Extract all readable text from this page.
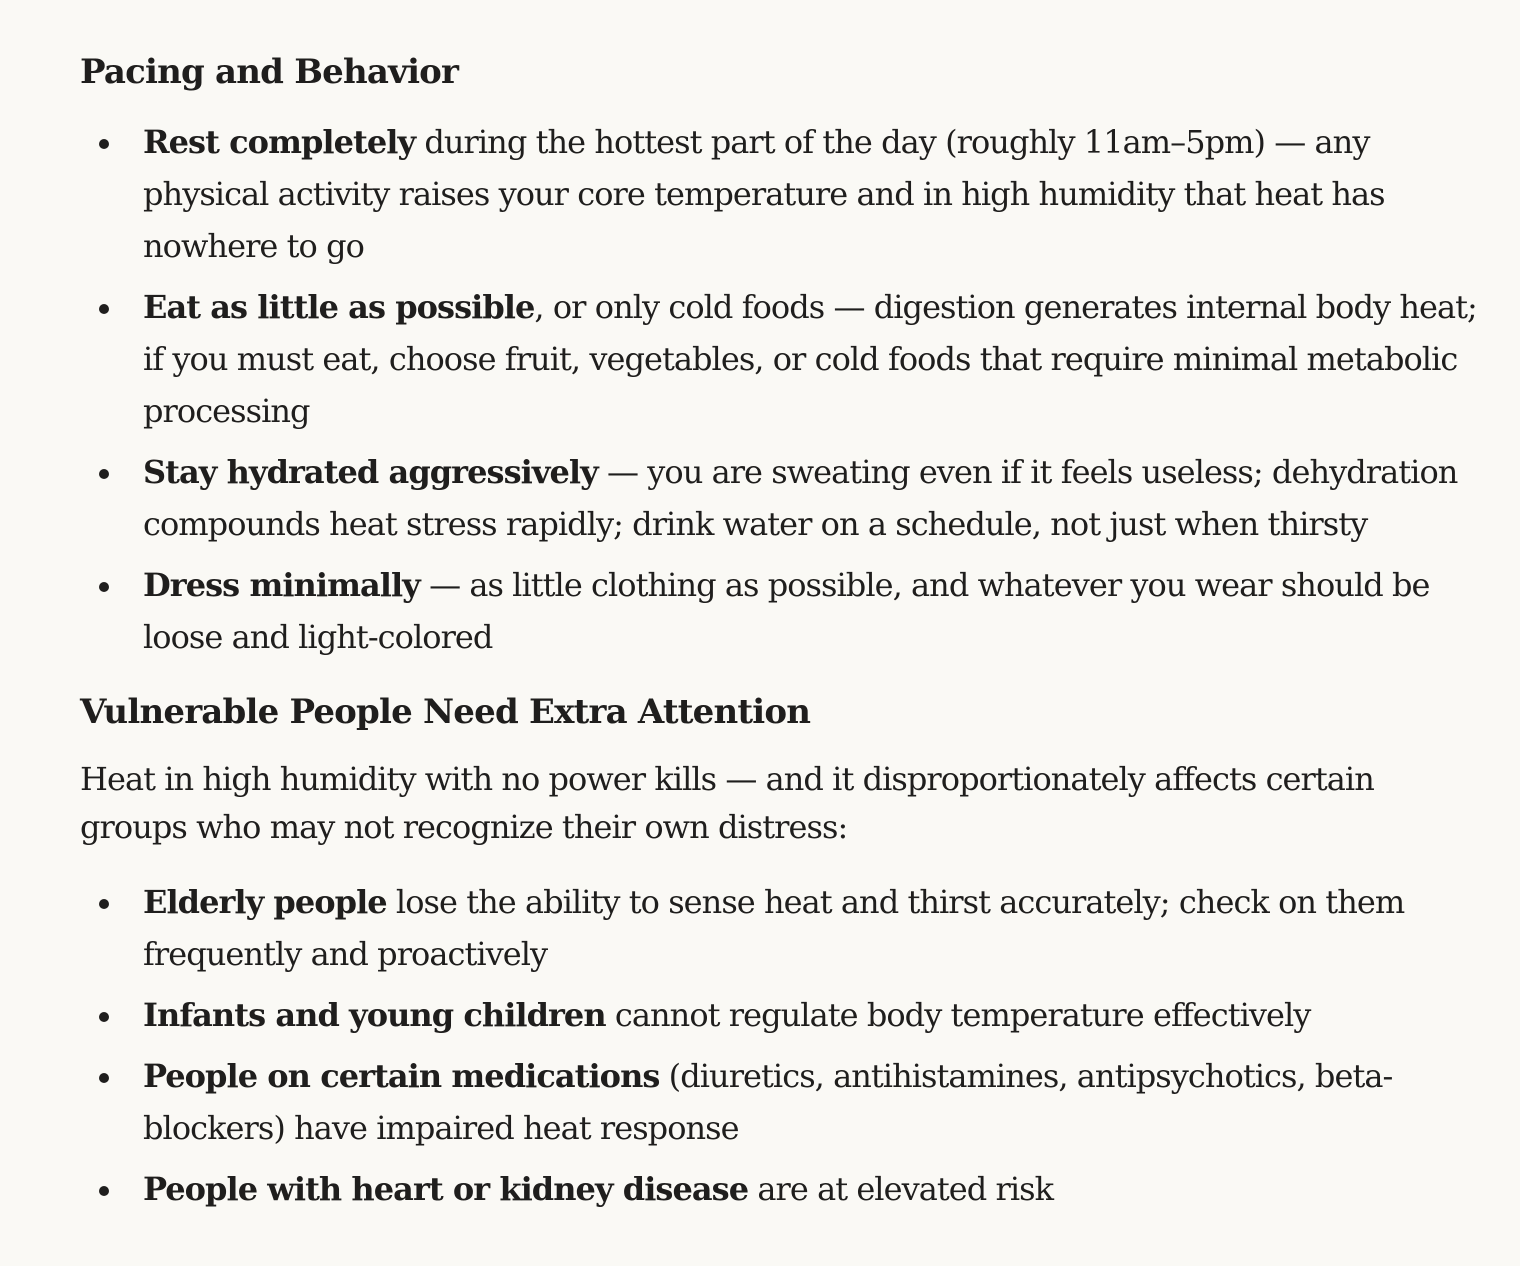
Pacing and Behavior
Rest completely during the hottest part of the day (roughly 11am–5pm) — any physical activity raises your core temperature and in high humidity that heat has nowhere to go
Eat as little as possible, or only cold foods — digestion generates internal body heat; if you must eat, choose fruit, vegetables, or cold foods that require minimal metabolic processing
Stay hydrated aggressively — you are sweating even if it feels useless; dehydration compounds heat stress rapidly; drink water on a schedule, not just when thirsty
Dress minimally — as little clothing as possible, and whatever you wear should be loose and light-colored
Vulnerable People Need Extra Attention

Heat in high humidity with no power kills — and it disproportionately affects certain groups who may not recognize their own distress:

Elderly people lose the ability to sense heat and thirst accurately; check on them frequently and proactively
Infants and young children cannot regulate body temperature effectively
People on certain medications (diuretics, antihistamines, antipsychotics, beta-blockers) have impaired heat response
People with heart or kidney disease are at elevated risk
